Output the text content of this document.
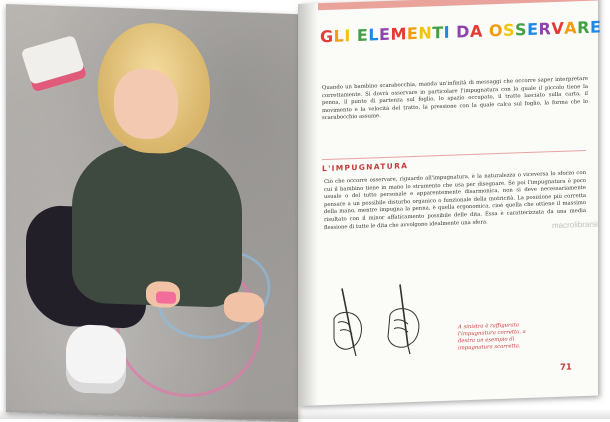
GLI ELEMENTI DA OSSERVARE
Quando un bambino scarabocchia, manda un'infinità di messaggi che occorre saper interpretare correttamente. Si dovrà osservare in particolare l'impugnatura con la quale il piccolo tiene la penna, il punto di partenza sul foglio, lo spazio occupato, il tratto lasciato sulla carta, il movimento e la velocità del tratto, la pressione con la quale calca sul foglio, la forma che lo scarabocchio assume.
L'IMPUGNATURA
Ciò che occorre osservare, riguardo all'impugnatura, è la naturalezza o viceversa lo sforzo con cui il bambino tiene in mano lo strumento che usa per disegnare. Se poi l'impugnatura è poco usuale o del tutto personale e apparentemente disarmonica, non si deve necessariamente pensare a un possibile disturbo organico o funzionale della motricità. La posizione più corretta della mano, mentre impugna la penna, è quella ergonomica, cioè quella che ottiene il massimo risultato con il minor affaticamento possibile delle dita. Essa è caratterizzata da una media flessione di tutte le dita che avvolgono idealmente una sfera.	macrolibrarsi
A sinistra è raffigurata l'impugnatura corretta, a destra un esempio di impugnatura scorretta.
71
